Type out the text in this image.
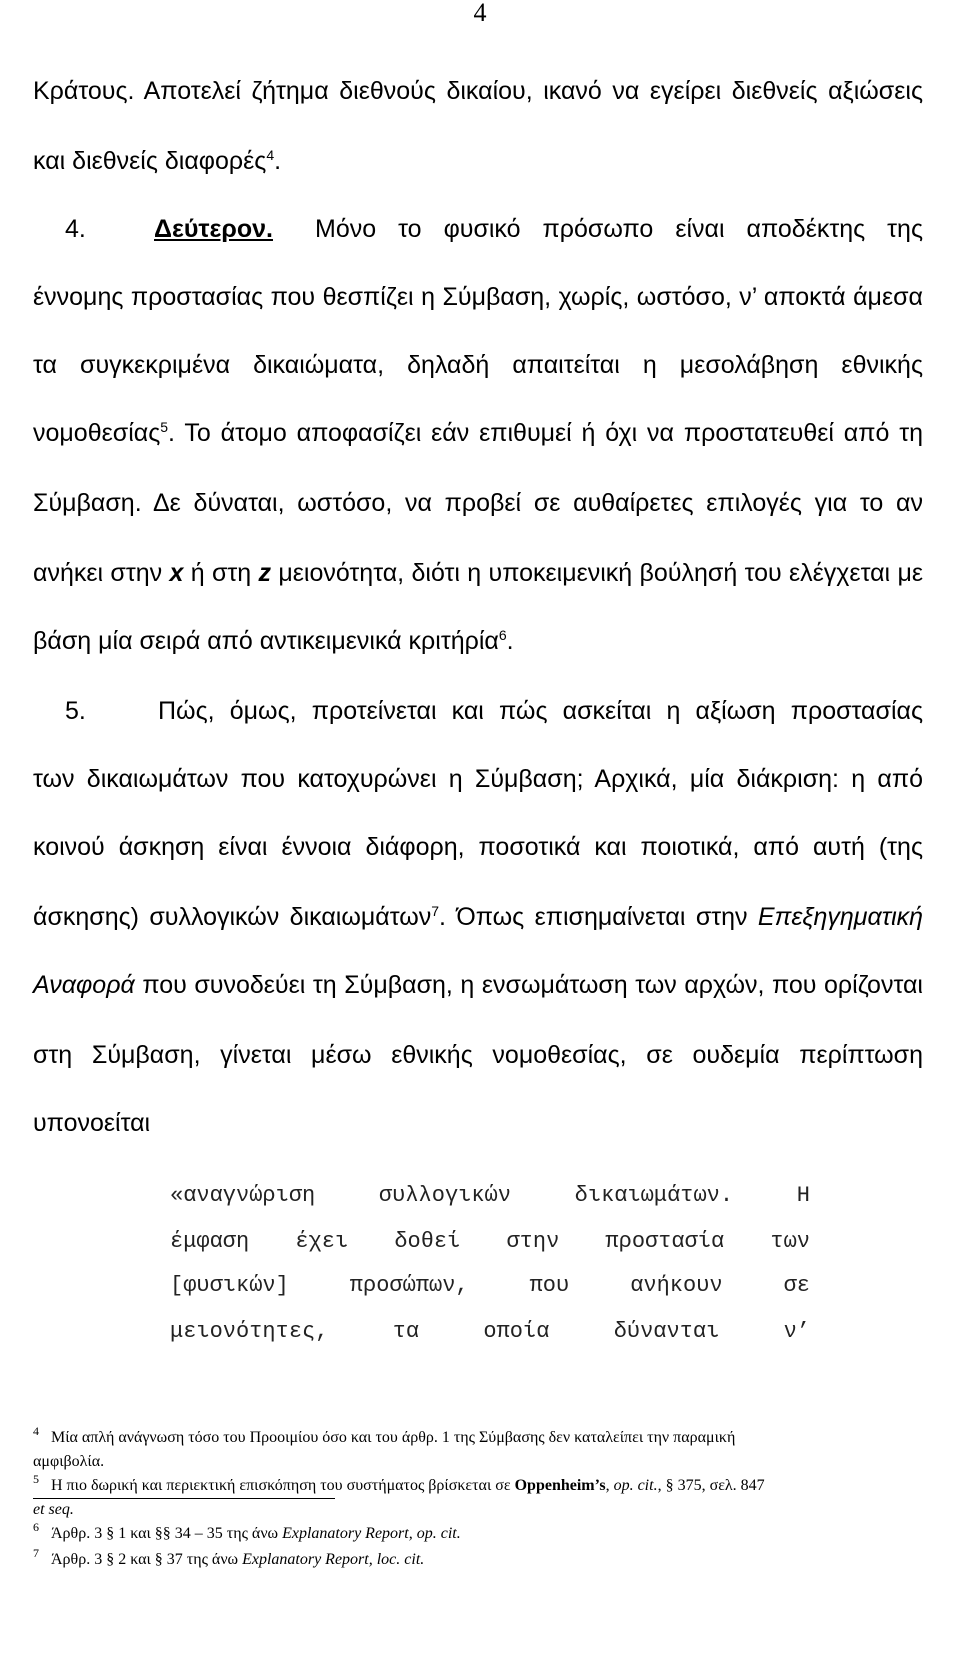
4
Κράτους. Αποτελεί ζήτημα διεθνούς δικαίου, ικανό να εγείρει διεθνείς αξιώσεις
και διεθνείς διαφορές$^4$.
4.	Δεύτερον. Μόνο το φυσικό πρόσωπο είναι αποδέκτης της
έννομης προστασίας που θεσπίζει η Σύμβαση, χωρίς, ωστόσο, ν’ αποκτά άμεσα
τα συγκεκριμένα δικαιώματα, δηλαδή απαιτείται η μεσολάβηση εθνικής
νομοθεσίας$^5$. Το άτομο αποφασίζει εάν επιθυμεί ή όχι να προστατευθεί από τη
Σύμβαση. Δε δύναται, ωστόσο, να προβεί σε αυθαίρετες επιλογές για το αν
ανήκει στην x ή στη z μειονότητα, διότι η υποκειμενική βούλησή του ελέγχεται με
βάση μία σειρά από αντικειμενικά κριτήρία$^6$.
5.	Πώς, όμως, προτείνεται και πώς ασκείται η αξίωση προστασίας
των δικαιωμάτων που κατοχυρώνει η Σύμβαση; Αρχικά, μία διάκριση: η από
κοινού άσκηση είναι έννοια διάφορη, ποσοτικά και ποιοτικά, από αυτή (της
άσκησης) συλλογικών δικαιωμάτων$^7$. Όπως επισημαίνεται στην Επεξηγηματική
Αναφορά που συνοδεύει τη Σύμβαση, η ενσωμάτωση των αρχών, που ορίζονται
στη Σύμβαση, γίνεται μέσω εθνικής νομοθεσίας, σε ουδεμία περίπτωση
υπονοείται
«αναγνώριση συλλογικών δικαιωμάτων. Η
έμφαση έχει δοθεί στην προστασία των
[φυσικών] προσώπων, που ανήκουν σε
μειονότητες, τα οποία δύνανται ν’
$^4$ Μία απλή ανάγνωση τόσο του Προοιμίου όσο και του άρθρ. 1 της Σύμβασης δεν καταλείπει την παραμική
αμφιβολία.
$^5$ Η πιο δωρική και περιεκτική επισκόπηση του συστήματος βρίσκεται σε Oppenheim’s, op. cit., § 375, σελ. 847
et seq.
$^6$ Άρθρ. 3 § 1 και §§ 34 – 35 της άνω Explanatory Report, op. cit.
$^7$ Άρθρ. 3 § 2 και § 37 της άνω Explanatory Report, loc. cit.
